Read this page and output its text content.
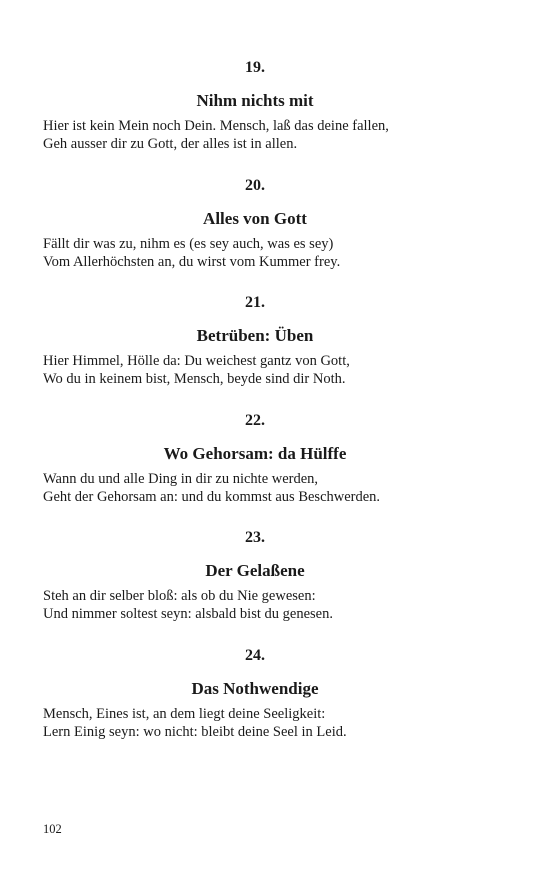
19.
Nihm nichts mit
Hier ist kein Mein noch Dein. Mensch, laß das deine fallen,
Geh ausser dir zu Gott, der alles ist in allen.
20.
Alles von Gott
Fällt dir was zu, nihm es (es sey auch, was es sey)
Vom Allerhöchsten an, du wirst vom Kummer frey.
21.
Betrüben: Üben
Hier Himmel, Hölle da: Du weichest gantz von Gott,
Wo du in keinem bist, Mensch, beyde sind dir Noth.
22.
Wo Gehorsam: da Hülffe
Wann du und alle Ding in dir zu nichte werden,
Geht der Gehorsam an: und du kommst aus Beschwerden.
23.
Der Gelaßene
Steh an dir selber bloß: als ob du Nie gewesen:
Und nimmer soltest seyn: alsbald bist du genesen.
24.
Das Nothwendige
Mensch, Eines ist, an dem liegt deine Seeligkeit:
Lern Einig seyn: wo nicht: bleibt deine Seel in Leid.
102
